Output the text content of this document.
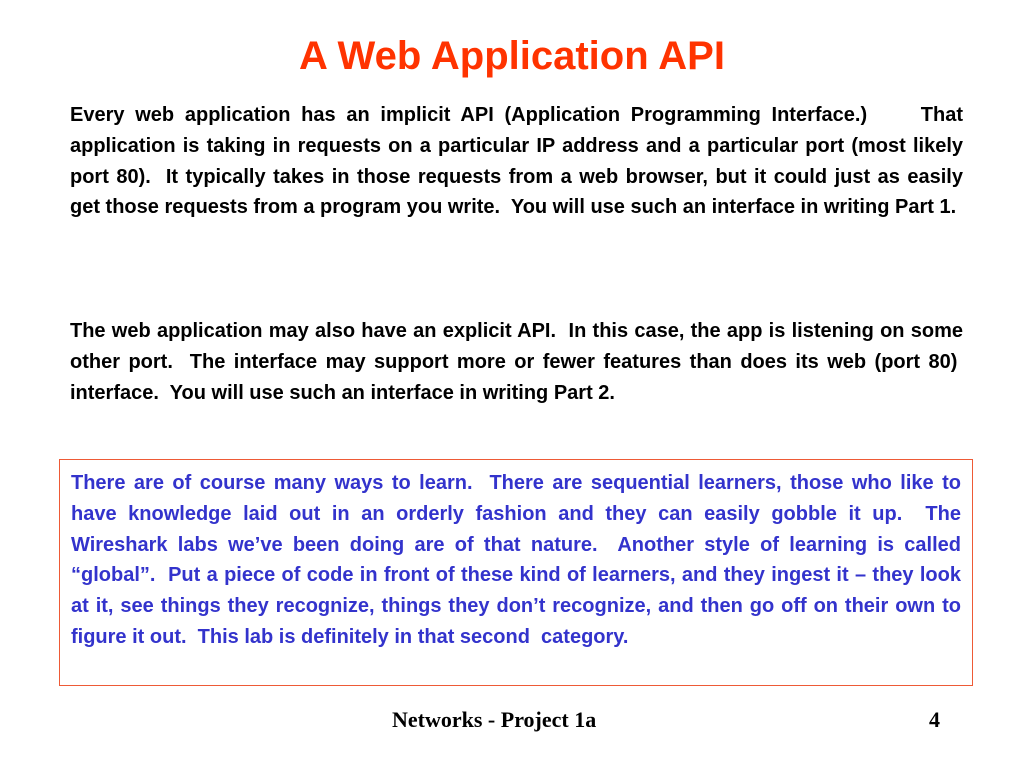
A Web Application API

Every web application has an implicit API (Application Programming Interface.)     That application is taking in requests on a particular IP address and a particular port (most likely port 80).  It typically takes in those requests from a web browser, but it could just as easily get those requests from a program you write.  You will use such an interface in writing Part 1.

The web application may also have an explicit API.  In this case, the app is listening on some other port.  The interface may support more or fewer features than does its web (port 80)  interface.  You will use such an interface in writing Part 2.

There are of course many ways to learn.  There are sequential learners, those who like to have knowledge laid out in an orderly fashion and they can easily gobble it up.  The Wireshark labs we’ve been doing are of that nature.  Another style of learning is called “global”.  Put a piece of code in front of these kind of learners, and they ingest it – they look at it, see things they recognize, things they don’t recognize, and then go off on their own to figure it out.  This lab is definitely in that second  category.

Networks - Project 1a	4
